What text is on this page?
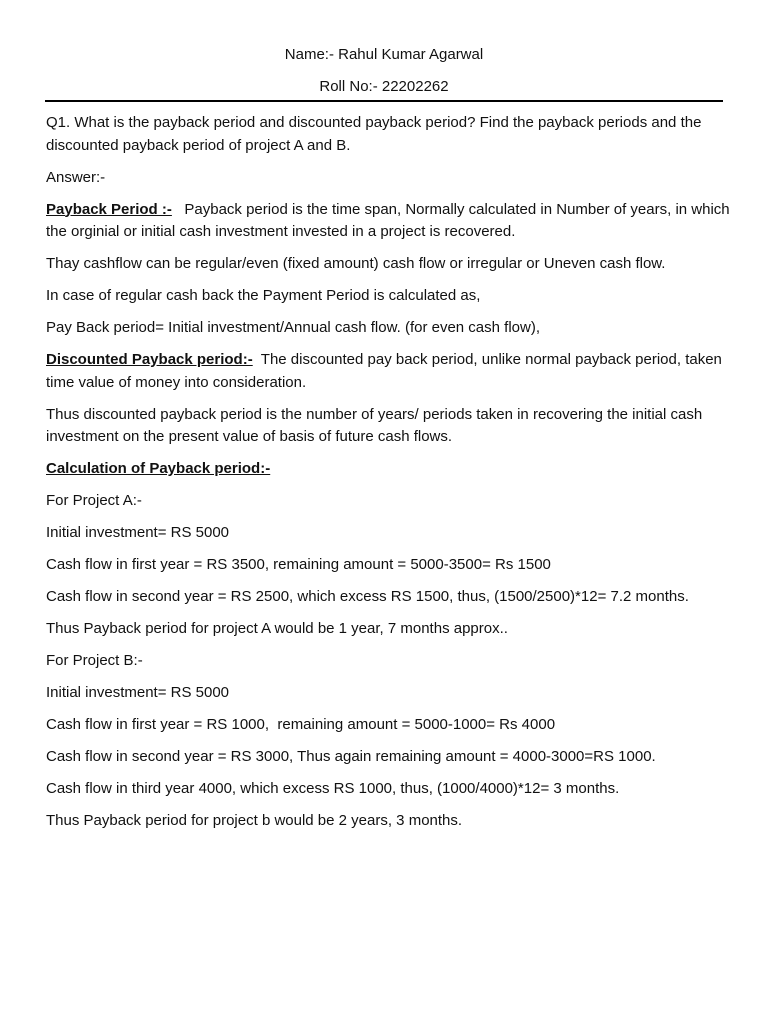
Name:- Rahul Kumar Agarwal
Roll No:- 22202262

Q1. What is the payback period and discounted payback period? Find the payback periods and the discounted payback period of project A and B.

Answer:-

Payback Period :-   Payback period is the time span, Normally calculated in Number of years, in which   the orginial or initial cash investment invested in a project is recovered.

Thay cashflow can be regular/even (fixed amount) cash flow or irregular or Uneven cash flow.

In case of regular cash back the Payment Period is calculated as,

Pay Back period= Initial investment/Annual cash flow. (for even cash flow),

Discounted Payback period:-  The discounted pay back period, unlike normal payback period, taken time value of money into consideration.

Thus discounted payback period is the number of years/ periods taken in recovering the initial cash investment on the present value of basis of future cash flows.

Calculation of Payback period:-

For Project A:-

Initial investment= RS 5000

Cash flow in first year = RS 3500, remaining amount = 5000-3500= Rs 1500

Cash flow in second year = RS 2500, which excess RS 1500, thus, (1500/2500)*12= 7.2 months.

Thus Payback period for project A would be 1 year, 7 months approx..

For Project B:-

Initial investment= RS 5000

Cash flow in first year = RS 1000,  remaining amount = 5000-1000= Rs 4000

Cash flow in second year = RS 3000, Thus again remaining amount = 4000-3000=RS 1000.

Cash flow in third year 4000, which excess RS 1000, thus, (1000/4000)*12= 3 months.

Thus Payback period for project b would be 2 years, 3 months.
